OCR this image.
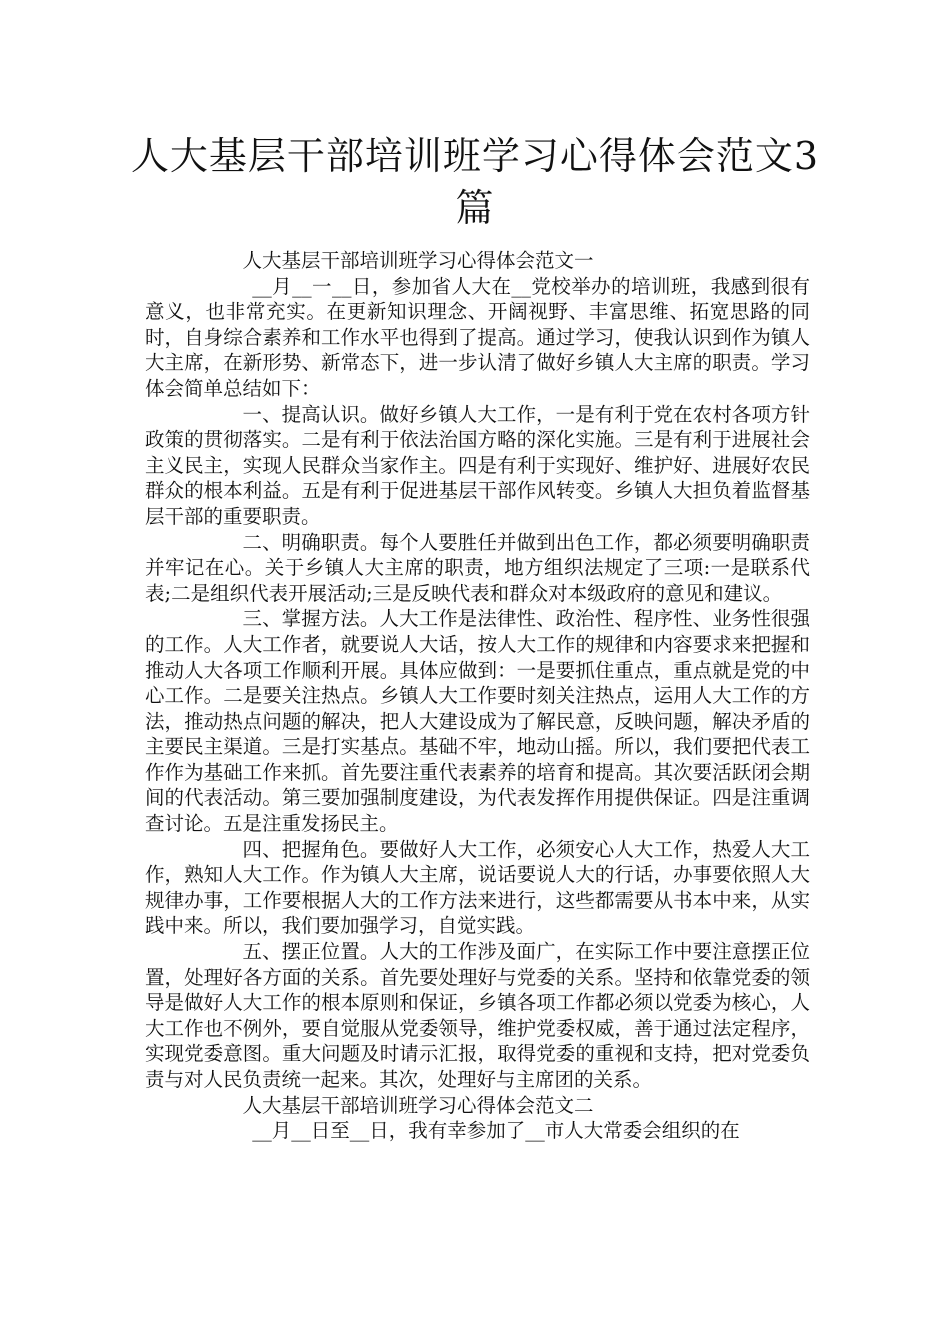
人大基层干部培训班学习心得体会范文3篇

人大基层干部培训班学习心得体会范文一

__月__一__日，参加省人大在__党校举办的培训班，我感到很有意义，也非常充实。在更新知识理念、开阔视野、丰富思维、拓宽思路的同时，自身综合素养和工作水平也得到了提高。通过学习，使我认识到作为镇人大主席，在新形势、新常态下，进一步认清了做好乡镇人大主席的职责。学习体会简单总结如下：

一、提高认识。做好乡镇人大工作，一是有利于党在农村各项方针政策的贯彻落实。二是有利于依法治国方略的深化实施。三是有利于进展社会主义民主，实现人民群众当家作主。四是有利于实现好、维护好、进展好农民群众的根本利益。五是有利于促进基层干部作风转变。乡镇人大担负着监督基层干部的重要职责。

二、明确职责。每个人要胜任并做到出色工作，都必须要明确职责并牢记在心。关于乡镇人大主席的职责，地方组织法规定了三项:一是联系代表;二是组织代表开展活动;三是反映代表和群众对本级政府的意见和建议。

三、掌握方法。人大工作是法律性、政治性、程序性、业务性很强的工作。人大工作者，就要说人大话，按人大工作的规律和内容要求来把握和推动人大各项工作顺利开展。具体应做到：一是要抓住重点，重点就是党的中心工作。二是要关注热点。乡镇人大工作要时刻关注热点，运用人大工作的方法，推动热点问题的解决，把人大建设成为了解民意，反映问题，解决矛盾的主要民主渠道。三是打实基点。基础不牢，地动山摇。所以，我们要把代表工作作为基础工作来抓。首先要注重代表素养的培育和提高。其次要活跃闭会期间的代表活动。第三要加强制度建设，为代表发挥作用提供保证。四是注重调查讨论。五是注重发扬民主。

四、把握角色。要做好人大工作，必须安心人大工作，热爱人大工作，熟知人大工作。作为镇人大主席，说话要说人大的行话，办事要依照人大规律办事，工作要根据人大的工作方法来进行，这些都需要从书本中来，从实践中来。所以，我们要加强学习，自觉实践。

五、摆正位置。人大的工作涉及面广，在实际工作中要注意摆正位置，处理好各方面的关系。首先要处理好与党委的关系。坚持和依靠党委的领导是做好人大工作的根本原则和保证，乡镇各项工作都必须以党委为核心，人大工作也不例外，要自觉服从党委领导，维护党委权威，善于通过法定程序，实现党委意图。重大问题及时请示汇报，取得党委的重视和支持，把对党委负责与对人民负责统一起来。其次，处理好与主席团的关系。

人大基层干部培训班学习心得体会范文二

__月__日至__日，我有幸参加了__市人大常委会组织的在
